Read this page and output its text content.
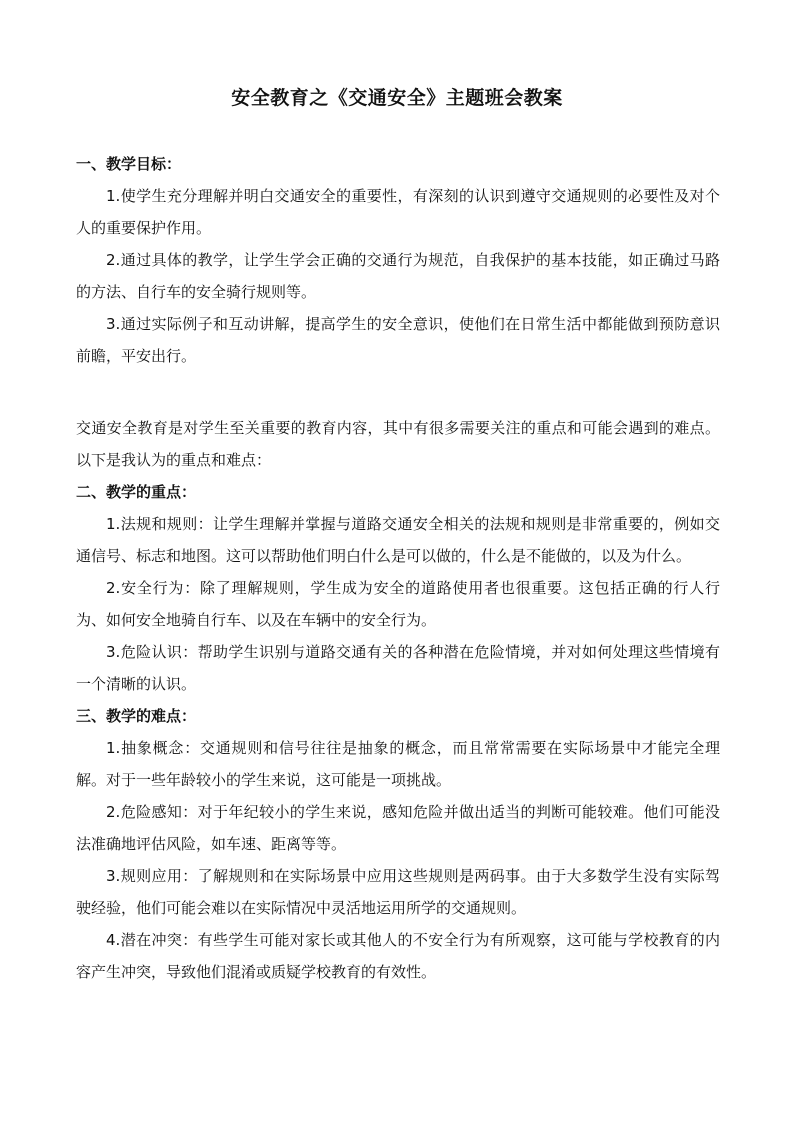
安全教育之《交通安全》主题班会教案
一、教学目标：
1.使学生充分理解并明白交通安全的重要性，有深刻的认识到遵守交通规则的必要性及对个人的重要保护作用。
2.通过具体的教学，让学生学会正确的交通行为规范，自我保护的基本技能，如正确过马路的方法、自行车的安全骑行规则等。
3.通过实际例子和互动讲解，提高学生的安全意识，使他们在日常生活中都能做到预防意识前瞻，平安出行。
交通安全教育是对学生至关重要的教育内容，其中有很多需要关注的重点和可能会遇到的难点。以下是我认为的重点和难点：
二、教学的重点：
1.法规和规则：让学生理解并掌握与道路交通安全相关的法规和规则是非常重要的，例如交通信号、标志和地图。这可以帮助他们明白什么是可以做的，什么是不能做的，以及为什么。
2.安全行为：除了理解规则，学生成为安全的道路使用者也很重要。这包括正确的行人行为、如何安全地骑自行车、以及在车辆中的安全行为。
3.危险认识：帮助学生识别与道路交通有关的各种潜在危险情境，并对如何处理这些情境有一个清晰的认识。
三、教学的难点：
1.抽象概念：交通规则和信号往往是抽象的概念，而且常常需要在实际场景中才能完全理解。对于一些年龄较小的学生来说，这可能是一项挑战。
2.危险感知：对于年纪较小的学生来说，感知危险并做出适当的判断可能较难。他们可能没法准确地评估风险，如车速、距离等等。
3.规则应用：了解规则和在实际场景中应用这些规则是两码事。由于大多数学生没有实际驾驶经验，他们可能会难以在实际情况中灵活地运用所学的交通规则。
4.潜在冲突：有些学生可能对家长或其他人的不安全行为有所观察，这可能与学校教育的内容产生冲突，导致他们混淆或质疑学校教育的有效性。
